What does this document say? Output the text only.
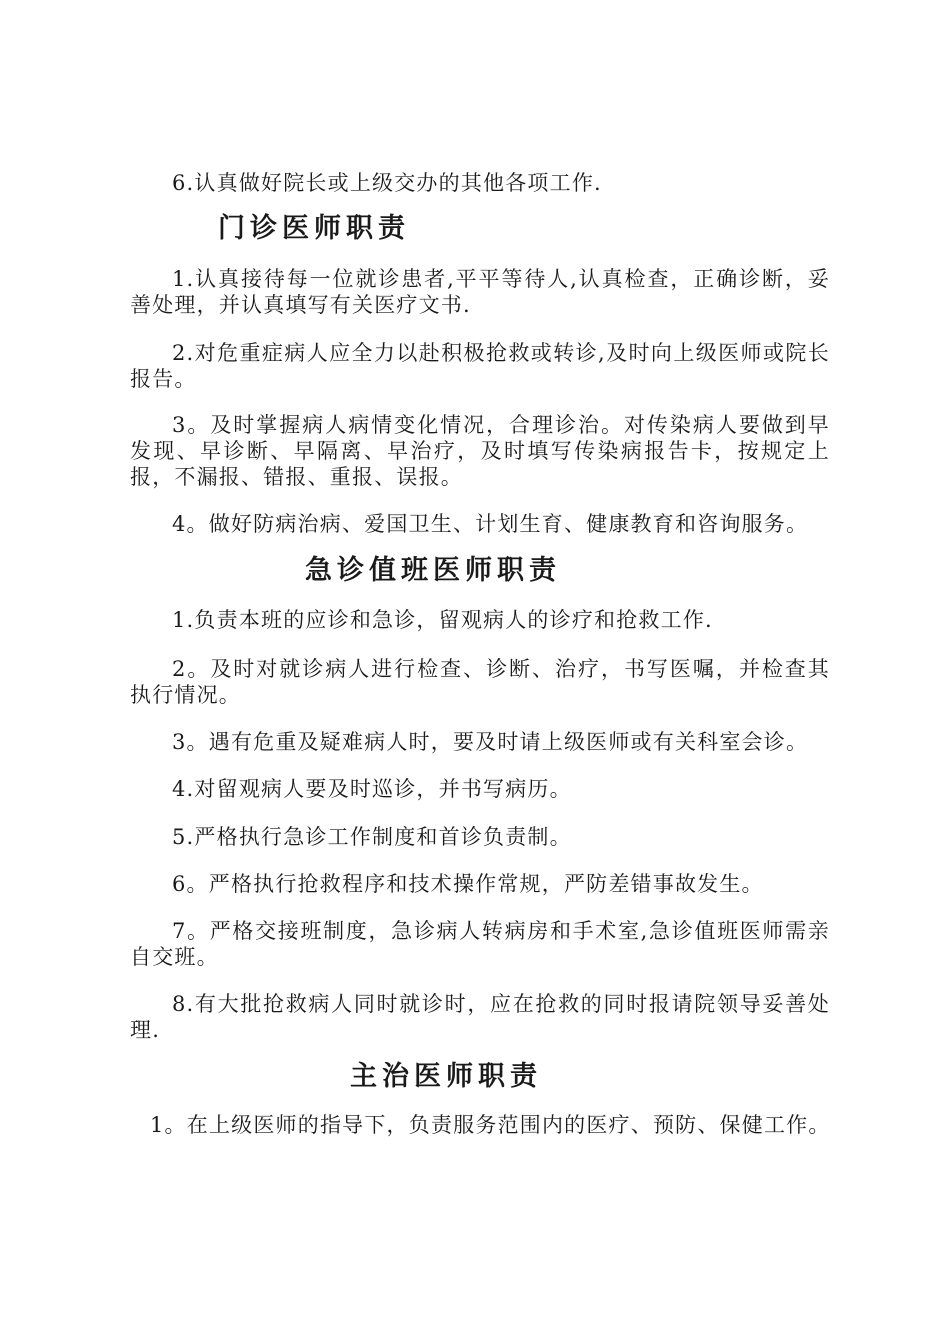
6.认真做好院长或上级交办的其他各项工作.
门诊医师职责
1.认真接待每一位就诊患者,平平等待人,认真检查，正确诊断，妥善处理，并认真填写有关医疗文书.
2.对危重症病人应全力以赴积极抢救或转诊,及时向上级医师或院长报告。
3。及时掌握病人病情变化情况，合理诊治。对传染病人要做到早发现、早诊断、早隔离、早治疗，及时填写传染病报告卡，按规定上报，不漏报、错报、重报、误报。
4。做好防病治病、爱国卫生、计划生育、健康教育和咨询服务。
急诊值班医师职责
1.负责本班的应诊和急诊，留观病人的诊疗和抢救工作.
2。及时对就诊病人进行检查、诊断、治疗，书写医嘱，并检查其执行情况。
3。遇有危重及疑难病人时，要及时请上级医师或有关科室会诊。
4.对留观病人要及时巡诊，并书写病历。
5.严格执行急诊工作制度和首诊负责制。
6。严格执行抢救程序和技术操作常规，严防差错事故发生。
7。严格交接班制度，急诊病人转病房和手术室,急诊值班医师需亲自交班。
8.有大批抢救病人同时就诊时，应在抢救的同时报请院领导妥善处理.
主治医师职责
1。在上级医师的指导下，负责服务范围内的医疗、预防、保健工作。
